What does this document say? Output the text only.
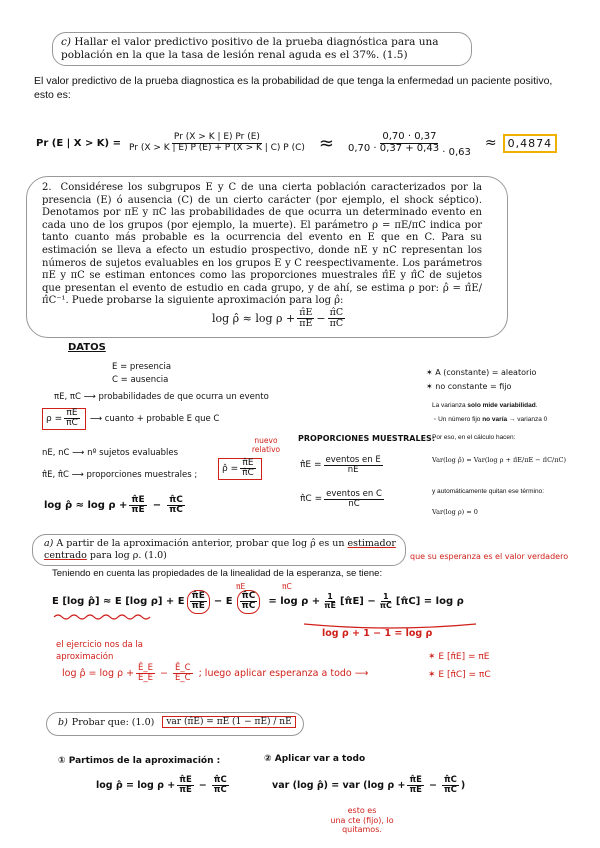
c) Hallar el valor predictivo positivo de la prueba diagnóstica para una población en la que la tasa de lesión renal aguda es el 37%. (1.5)
El valor predictivo de la prueba diagnostica es la probabilidad de que tenga la enfermedad un paciente positivo, esto es:
Pr (E | $X > K) = \frac{Pr (X > K | E) Pr (E)}{Pr (X > K | E) P (E) + P (X > K | C) P (C)} \approx \frac{0,70 \cdot 0,37}{0,70 \cdot 0,37 + 0,43 \cdot 0,63}$ ≈	0,4874
2. Considérese los subgrupos E y C de una cierta población caracterizados por la presencia (E) ó ausencia (C) de un cierto carácter (por ejemplo, el shock séptico). Denotamos por πE y πC las probabilidades de que ocurra un determinado evento en cada uno de los grupos (por ejemplo, la muerte). El parámetro ρ = πE/πC indica por tanto cuanto más probable es la ocurrencia del evento en E que en C. Para su estimación se lleva a efecto un estudio prospectivo, donde nE y nC representan los números de sujetos evaluables en los grupos E y C reespectivamente. Los parámetros πE y πC se estiman entonces como las proporciones muestrales π̂E y π̂C de sujetos que presentan el evento de estudio en cada grupo, y de ahí, se estima ρ por: ρ̂ = π̂E/π̂C⁻¹. Puede probarse la siguiente aproximación para log ρ̂:
log ρ̂ ≈ $\log \rho + \frac{\pîE}{\pi E} - \frac{\pîC}{\pi C}$
DATOS
E = presencia
C = ausencia
πE, πC ⟶ probabilidades de que ocurra un evento
$\rho = \frac{\pi E}{\pi C}$ ⟶ cuanto + probable E que C
nE, nC ⟶ nº sujetos evaluables
π̂E, π̂C ⟶ proporciones muestrales ;
nuevo relativo
ρ̂ = $\frac{\pîE}{\pîC}$
PROPORCIONES MUESTRALES:
π̂E = $\frac{\text{eventos en E}}{nE}$
π̂C = $\frac{\text{eventos en C}}{nC}$
log ρ̂ ≈ $\log \rho + \frac{\pîE}{\pi E} - \frac{\pîC}{\pi C}$
✶ A (constante) = aleatorio
✶ no constante = fijo
La varianza solo mide variabilidad.
◦ Un número fijo no varía → varianza 0
Por eso, en el cálculo hacen:
Var(log ρ̂) = Var(log ρ + π̂E/πE − π̂C/πC)
y automáticamente quitan ese término:
Var(log ρ) = 0
a) A partir de la aproximación anterior, probar que log ρ̂ es un estimador centrado para log ρ. (1.0)	que su esperanza es el valor verdadero
Teniendo en cuenta las propiedades de la linealidad de la esperanza, se tiene:
E [log ρ̂] ≈ E [log ρ] + E $\frac{\pîE}{\pi E} - E \frac{\pîC}{\pi C} = \log \rho + \frac{1}{\pi E}$ [π̂E] − $\frac{1}{\pi C}$ [π̂C] = log ρ
πE	πC
log ρ + 1 − 1 = log ρ
el ejercicio nos da la
aproximación
log ρ̂ = $\log \rho + \frac{Ê\_E}{E\_E} - \frac{Ê\_C}{E\_C}$ ; luego aplicar esperanza a todo ⟶
✶ E [π̂E] = πE
✶ E [π̂C] = πC
b) Probar que: (1.0)	var (π̂E) = πE (1 − πE) / nE
① Partimos de la aproximación :
log ρ̂ = $\log \rho + \frac{\pîE}{\pi E} - \frac{\pîC}{\pi C}$
② Aplicar var a todo
var (log ρ̂) = var (log $\rho + \frac{\pîE}{\pi E} - \frac{\pîC}{\pi C}$ )
esto es
una cte (fijo), lo
quitamos.
